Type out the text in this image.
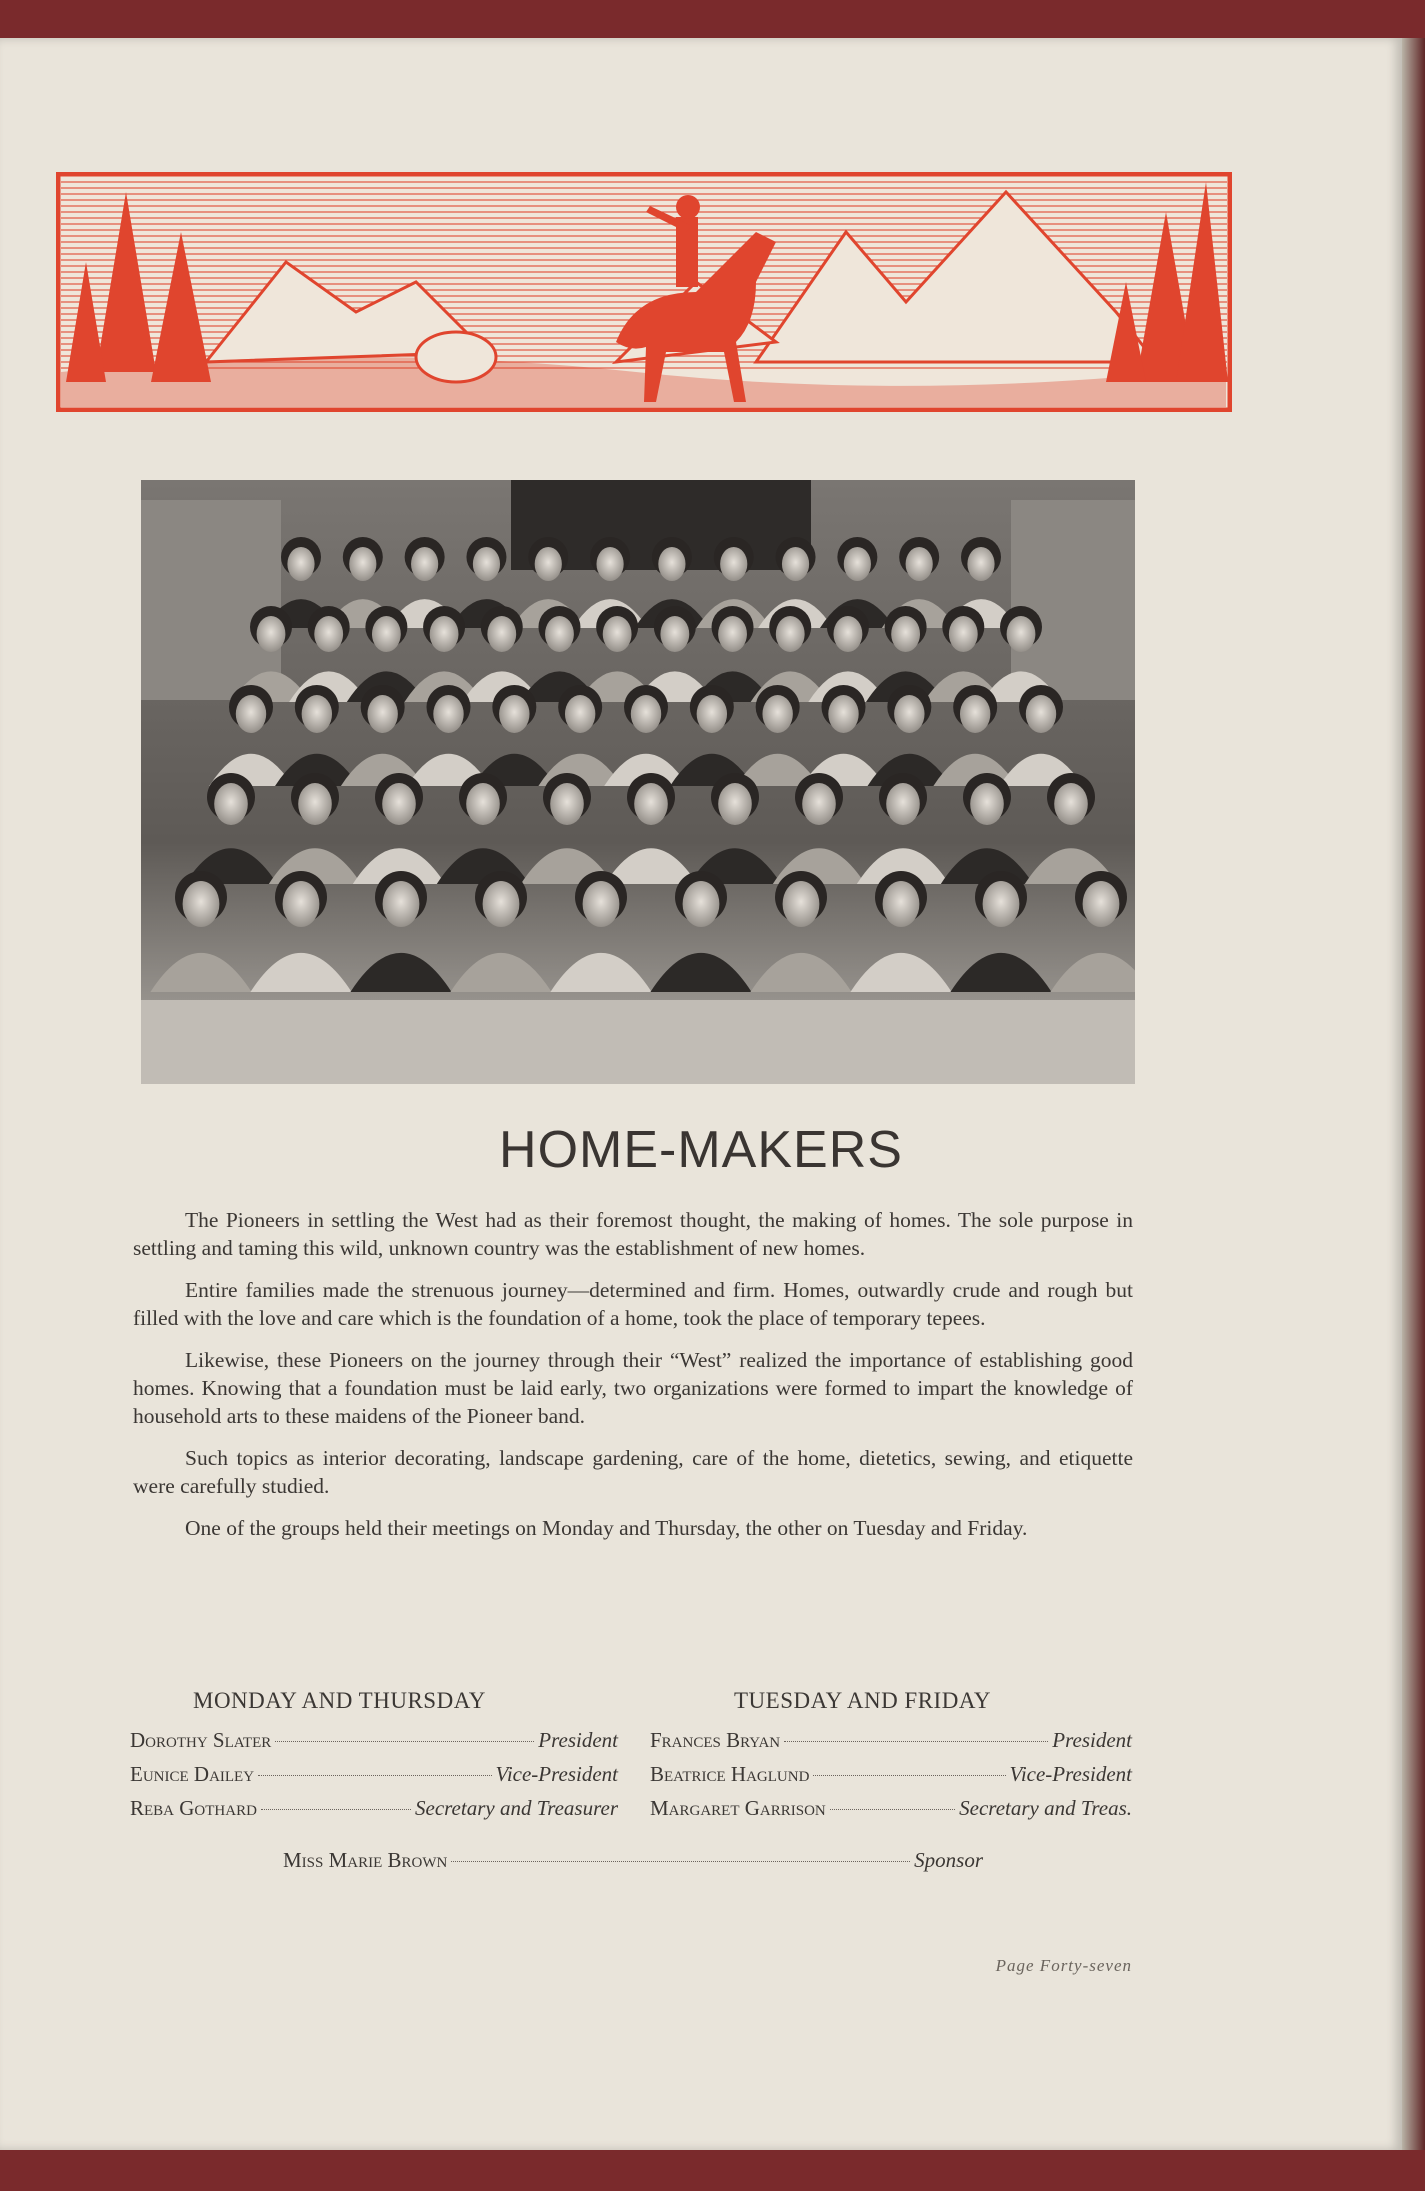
HOME-MAKERS

The Pioneers in settling the West had as their foremost thought, the making of homes. The sole purpose in settling and taming this wild, unknown country was the establishment of new homes.

Entire families made the strenuous journey—determined and firm. Homes, outwardly crude and rough but filled with the love and care which is the foundation of a home, took the place of temporary tepees.

Likewise, these Pioneers on the journey through their “West” realized the importance of establishing good homes. Knowing that a foundation must be laid early, two organizations were formed to impart the knowledge of household arts to these maidens of the Pioneer band.

Such topics as interior decorating, landscape gardening, care of the home, dietetics, sewing, and etiquette were carefully studied.

One of the groups held their meetings on Monday and Thursday, the other on Tuesday and Friday.

MONDAY AND THURSDAY	TUESDAY AND FRIDAY
Dorothy Slater	President
Eunice Dailey	Vice-President
Reba Gothard	Secretary and Treasurer
Frances Bryan	President
Beatrice Haglund	Vice-President
Margaret Garrison	Secretary and Treas.
Miss Marie Brown	Sponsor
Page Forty-seven
